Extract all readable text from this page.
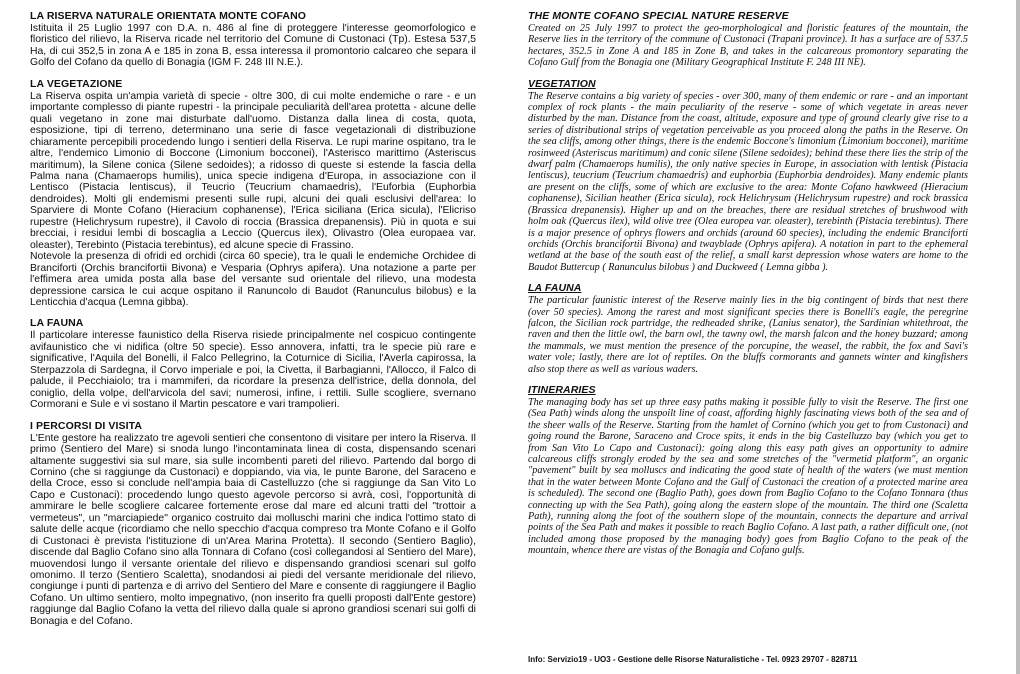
LA RISERVA NATURALE ORIENTATA MONTE COFANO

Istituita il 25 Luglio 1997 con D.A. n. 486 al fine di proteggere l'interesse geomorfologico e floristico del rilievo, la Riserva ricade nel territorio del Comune di Custonaci (Tp). Estesa 537,5 Ha, di cui 352,5 in zona A e 185 in zona B, essa interessa il promontorio calcareo che separa il Golfo del Cofano da quello di Bonagia (IGM F. 248 III N.E.).

LA VEGETAZIONE

La Riserva ospita un'ampia varietà di specie - oltre 300, di cui molte endemiche o rare - e un importante complesso di piante rupestri - la principale peculiarità dell'area protetta - alcune delle quali vegetano in zone mai disturbate dall'uomo. Distanza dalla linea di costa, quota, esposizione, tipi di terreno, determinano una serie di fasce vegetazionali di distribuzione chiaramente percepibili procedendo lungo i sentieri della Riserva. Le rupi marine ospitano, tra le altre, l'endemico Limonio di Boccone (Limonium bocconei), l'Asterisco marittimo (Asteriscus maritimum), la Silene conica (Silene sedoides); a ridosso di queste si estende la fascia della Palma nana (Chamaerops humilis), unica specie indigena d'Europa, in associazione con il Lentisco (Pistacia lentiscus), il Teucrio (Teucrium chamaedris), l'Euforbia (Euphorbia dendroides). Molti gli endemismi presenti sulle rupi, alcuni dei quali esclusivi dell'area: lo Sparviere di Monte Cofano (Hieracium cophanense), l'Erica siciliana (Erica sicula), l'Elicriso rupestre (Helichrysum rupestre), il Cavolo di roccia (Brassica drepanensis). Più in quota e sui brecciai, i residui lembi di boscaglia a Leccio (Quercus ilex), Olivastro (Olea europaea var. oleaster), Terebinto (Pistacia terebintus), ed alcune specie di Frassino.

Notevole la presenza di ofridi ed orchidi (circa 60 specie), tra le quali le endemiche Orchidee di Branciforti (Orchis brancifortii Bivona) e Vesparia (Ophrys apifera). Una notazione a parte per l'effimera area umida posta alla base del versante sud orientale del rilievo, una modesta depressione carsica le cui acque ospitano il Ranuncolo di Baudot (Ranunculus bilobus) e la Lenticchia d'acqua (Lemna gibba).

LA FAUNA

Il particolare interesse faunistico della Riserva risiede principalmente nel cospicuo contingente avifaunistico che vi nidifica (oltre 50 specie). Esso annovera, infatti, tra le specie più rare e significative, l'Aquila del Bonelli, il Falco Pellegrino, la Coturnice di Sicilia, l'Averla capirossa, la Sterpazzola di Sardegna, il Corvo imperiale e poi, la Civetta, il Barbagianni, l'Allocco, il Falco di palude, il Pecchiaiolo; tra i mammiferi, da ricordare la presenza dell'istrice, della donnola, del coniglio, della volpe, dell'arvicola del savi; numerosi, infine, i rettili. Sulle scogliere, svernano Cormorani e Sule e vi sostano il Martin pescatore e vari trampolieri.

I PERCORSI DI VISITA

L'Ente gestore ha realizzato tre agevoli sentieri che consentono di visitare per intero la Riserva. Il primo (Sentiero del Mare) si snoda lungo l'incontaminata linea di costa, dispensando scenari altamente suggestivi sia sul mare, sia sulle incombenti pareti del rilievo. Partendo dal borgo di Cornino (che si raggiunge da Custonaci) e doppiando, via via, le punte Barone, del Saraceno e della Croce, esso si conclude nell'ampia baia di Castelluzzo (che si raggiunge da San Vito Lo Capo e Custonaci): procedendo lungo questo agevole percorso si avrà, così, l'opportunità di ammirare le belle scogliere calcaree fortemente erose dal mare ed alcuni tratti del "trottoir a vermeteus", un "marciapiede" organico costruito dai molluschi marini che indica l'ottimo stato di salute delle acque (ricordiamo che nello specchio d'acqua compreso tra Monte Cofano e il Golfo di Custonaci è prevista l'istituzione di un'Area Marina Protetta). Il secondo (Sentiero Baglio), discende dal Baglio Cofano sino alla Tonnara di Cofano (così collegandosi al Sentiero del Mare), muovendosi lungo il versante orientale del rilievo e dispensando grandiosi scenari sul golfo omonimo. Il terzo (Sentiero Scaletta), snodandosi ai piedi del versante meridionale del rilievo, congiunge i punti di partenza e di arrivo del Sentiero del Mare e consente di raggiungere il Baglio Cofano. Un ultimo sentiero, molto impegnativo, (non inserito fra quelli proposti dall'Ente gestore) raggiunge dal Baglio Cofano la vetta del rilievo dalla quale si aprono grandiosi scenari sui golfi di Bonagia e del Cofano.

THE MONTE COFANO SPECIAL NATURE RESERVE

Created on 25 July 1997 to protect the geo-morphological and floristic features of the mountain, the Reserve lies in the territory of the commune of Custonaci (Trapani province). It has a surface are of 537.5 hectares, 352.5 in Zone A and 185 in Zone B, and takes in the calcareous promontory separating the Cofano Gulf from the Bonagia one (Military Geographical Institute F. 248 III NE).

VEGETATION

The Reserve contains a big variety of species - over 300, many of them endemic or rare - and an important complex of rock plants - the main peculiarity of the reserve - some of which vegetate in areas never disturbed by the man. Distance from the coast, altitude, exposure and type of ground clearly give rise to a series of distributional strips of vegetation perceivable as you proceed along the paths in the Reserve. On the sea cliffs, among other things, there is the endemic Boccone's limonium (Limonium bocconei), maritime rosinweed (Asteriscus maritimum) and conic silene (Silene sedoides); behind these there lies the strip of the dwarf palm (Chamaerops humilis), the only native species in Europe, in association with lentisk (Pistacia lentiscus), teucrium (Teucrium chamaedris) and euphorbia (Euphorbia dendroides). Many endemic plants are present on the cliffs, some of which are exclusive to the area: Monte Cofano hawkweed (Hieracium cophanense), Sicilian heather (Erica sicula), rock Helichrysum (Helichrysum rupestre) and rock brassica (Brassica drepanensis). Higher up and on the breaches, there are residual stretches of brushwood with holm oak (Quercus ilex), wild olive tree (Olea europea var. oleaster), terebinth (Pistacia terebintus). There is a major presence of ophrys flowers and orchids (around 60 species), including the endemic Branciforti orchids (Orchis brancifortii Bivona) and twayblade (Ophrys apifera). A notation in part to the ephemeral wetland at the base of the south east of the relief, a small karst depression whose waters are home to the Baudot Buttercup ( Ranunculus bilobus ) and Duckweed ( Lemna gibba ).

LA FAUNA

The particular faunistic interest of the Reserve mainly lies in the big contingent of birds that nest there (over 50 species). Among the rarest and most significant species there is Bonelli's eagle, the peregrine falcon, the Sicilian rock partridge, the redheaded shrike, (Lanius senator), the Sardinian whitethroat, the raven and then the little owl, the barn owl, the tawny owl, the marsh falcon and the honey buzzard; among the mammals, we must mention the presence of the porcupine, the weasel, the rabbit, the fox and Savi's water vole; lastly, there are lot of reptiles. On the bluffs cormorants and gannets winter and kingfishers also stop there as well as various waders.

ITINERARIES

The managing body has set up three easy paths making it possible fully to visit the Reserve. The first one (Sea Path) winds along the unspoilt line of coast, affording highly fascinating views both of the sea and of the sheer walls of the Reserve. Starting from the hamlet of Cornino (which you get to from Custonaci) and going round the Barone, Saraceno and Croce spits, it ends in the big Castelluzzo bay (which you get to from San Vito Lo Capo and Custonaci): going along this easy path gives an opportunity to admire calcareous cliffs strongly eroded by the sea and some stretches of the "vermetid platform", an organic "pavement" built by sea molluscs and indicating the good state of health of the waters (we must mention that in the water between Monte Cofano and the Gulf of Custonaci the creation of a protected marine area is scheduled). The second one (Baglio Path), goes down from Baglio Cofano to the Cofano Tonnara (thus connecting up with the Sea Path), going along the eastern slope of the mountain. The third one (Scaletta Path), running along the foot of the southern slope of the mountain, connects the departure and arrival points of the Sea Path and makes it possible to reach Baglio Cofano. A last path, a rather difficult one, (not included among those proposed by the managing body) goes from Baglio Cofano to the peak of the mountain, whence there are vistas of the Bonagia and Cofano gulfs.

Info: Servizio19 - UO3 - Gestione delle Risorse Naturalistiche - Tel. 0923 29707 - 828711
